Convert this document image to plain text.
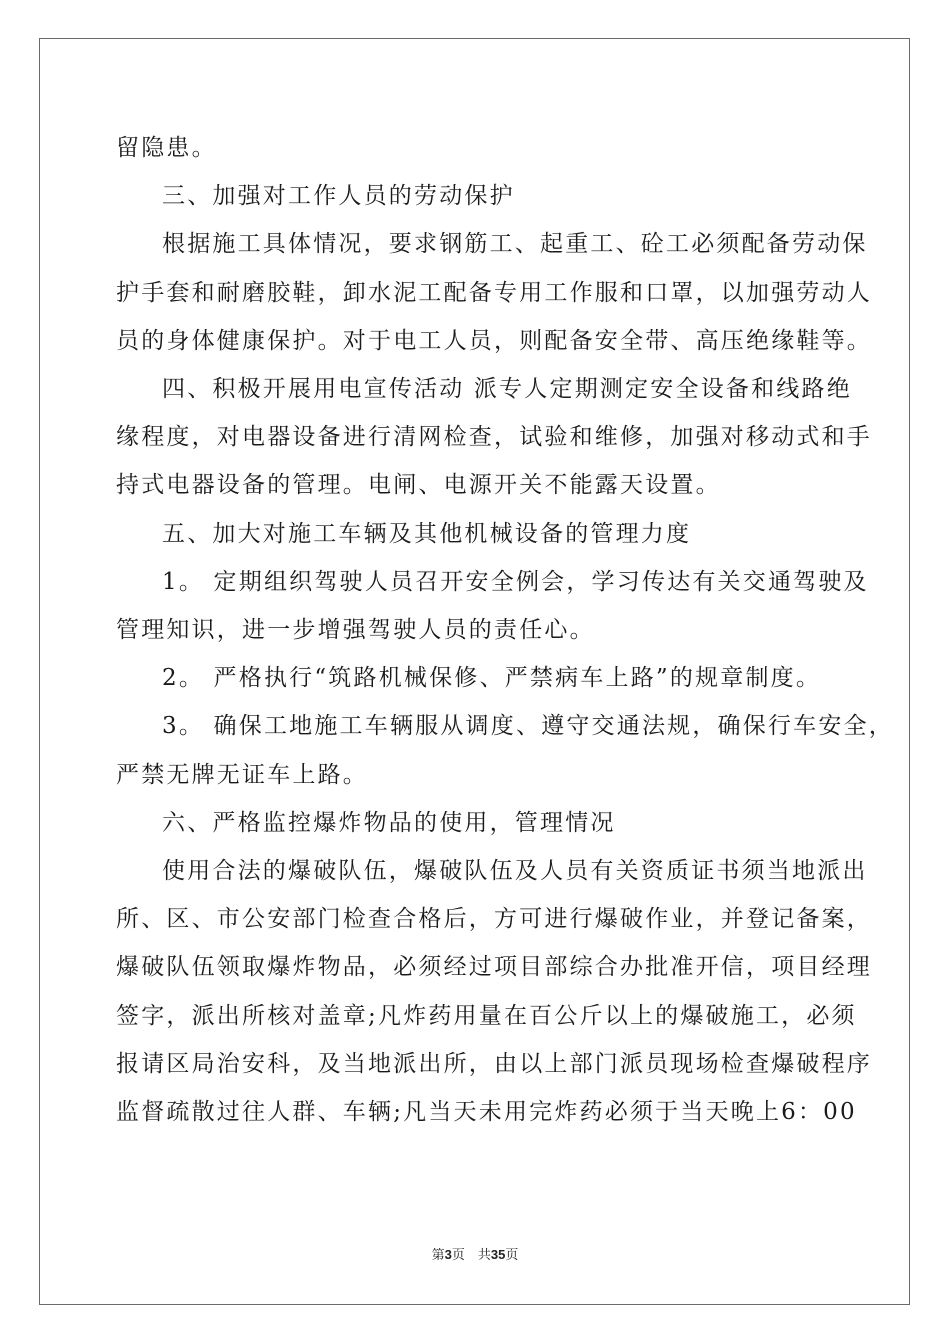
留隐患。

三、加强对工作人员的劳动保护

根据施工具体情况，要求钢筋工、起重工、砼工必须配备劳动保

护手套和耐磨胶鞋，卸水泥工配备专用工作服和口罩，以加强劳动人

员的身体健康保护。对于电工人员，则配备安全带、高压绝缘鞋等。

四、积极开展用电宣传活动 派专人定期测定安全设备和线路绝

缘程度，对电器设备进行清网检查，试验和维修，加强对移动式和手

持式电器设备的管理。电闸、电源开关不能露天设置。

五、加大对施工车辆及其他机械设备的管理力度

1。 定期组织驾驶人员召开安全例会，学习传达有关交通驾驶及

管理知识，进一步增强驾驶人员的责任心。

2。 严格执行“筑路机械保修、严禁病车上路”的规章制度。

3。 确保工地施工车辆服从调度、遵守交通法规，确保行车安全，

严禁无牌无证车上路。

六、严格监控爆炸物品的使用，管理情况

使用合法的爆破队伍，爆破队伍及人员有关资质证书须当地派出

所、区、市公安部门检查合格后，方可进行爆破作业，并登记备案，

爆破队伍领取爆炸物品，必须经过项目部综合办批准开信，项目经理

签字，派出所核对盖章;凡炸药用量在百公斤以上的爆破施工，必须

报请区局治安科，及当地派出所，由以上部门派员现场检查爆破程序

监督疏散过往人群、车辆;凡当天未用完炸药必须于当天晚上6：00

第3页　共35页
